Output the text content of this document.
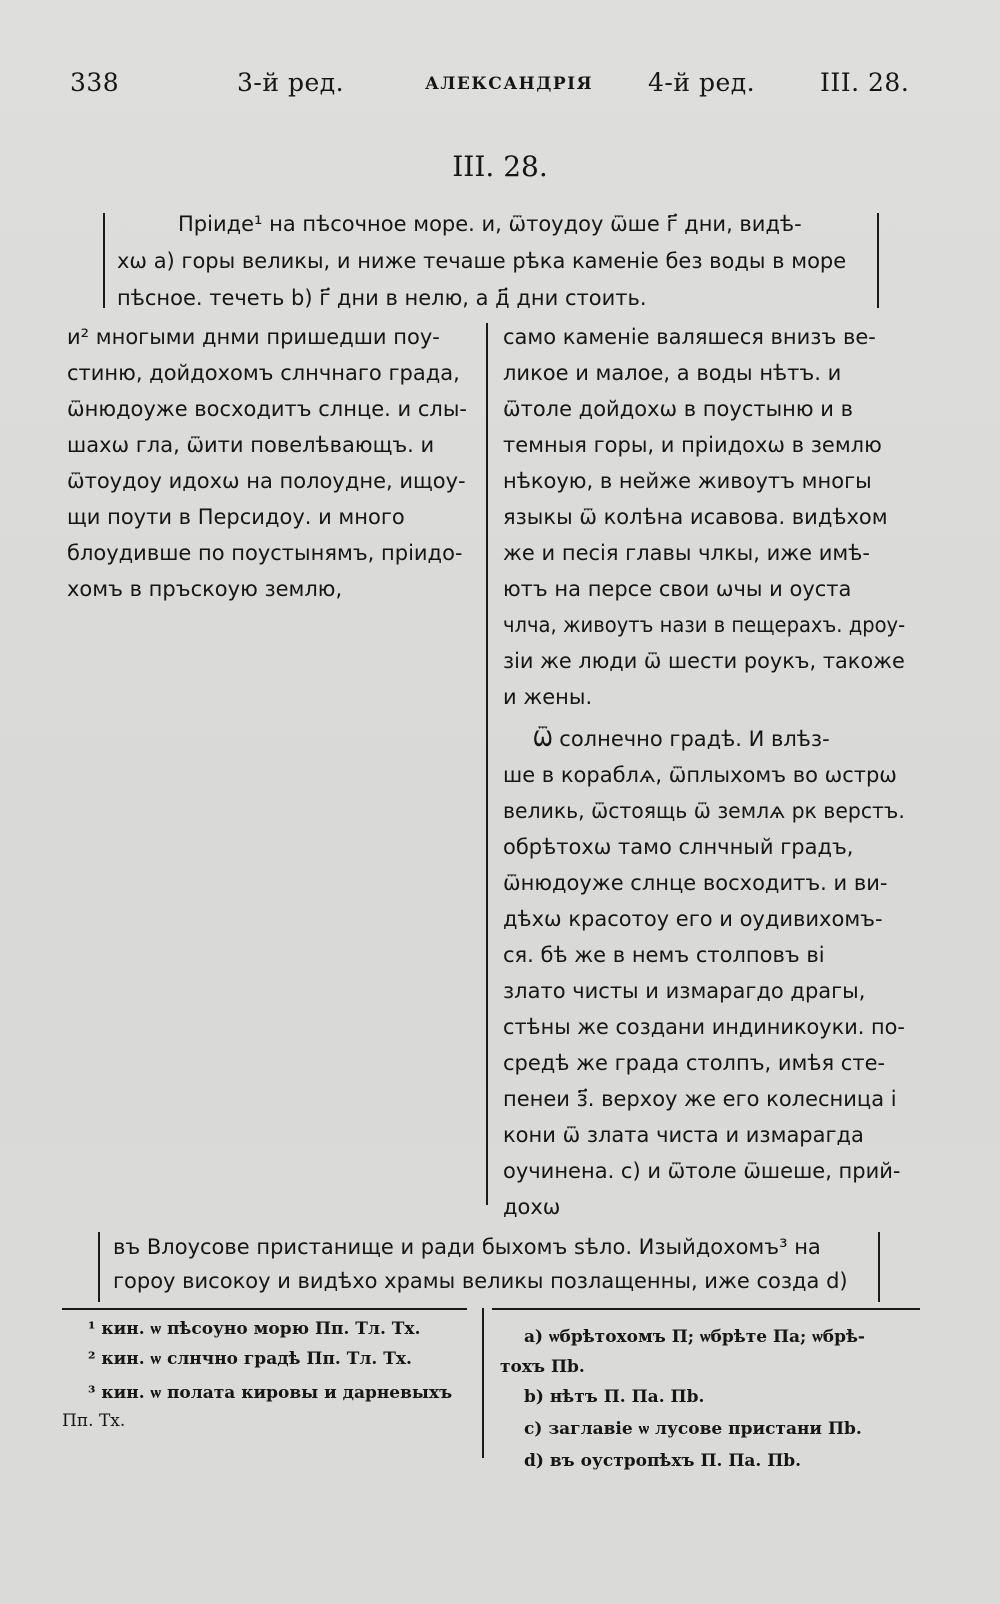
338	3-й ред.	АЛЕКСАНДРІЯ 4-й ред.	III. 28.
III. 28.
Пріиде¹ на пѣсочное море. и, ѿтоудоу ѿше г҃ дни, видѣ-
хѡ a) горы великы, и ниже течаше рѣка каменіе без воды в море
пѣсное. течеть b) г҃ дни в нелю, а д҃ дни стоить.
и² многыми днми пришедши поу-
стиню, дойдохомъ слнчнаго града,
ѿнюдоуже восходитъ слнце. и слы-
шахѡ гла, ѿити повелѣвающъ. и
ѿтоудоу идохѡ на полоудне, ищоу-
щи поути в Персидоу. и много
блоудивше по поустынямъ, пріидо-
хомъ в пръскоую землю,
само каменіе валяшеся внизъ ве-
ликое и малое, а воды нѣтъ. и
ѿтоле дойдохѡ в поустыню и в
темныя горы, и пріидохѡ в землю
нѣкоую, в нейже живоутъ многы
языкы ѿ колѣна исавова. видѣхом
же и песія главы члкы, иже имѣ-
ютъ на персе свои ѡчы и оуста
члча, живоутъ нази в пещерахъ. дроу-
зіи же люди ѿ шести роукъ, такоже
и жены.
Ѿ солнечно градѣ. И влѣз-
ше в кораблѧ, ѿплыхомъ во ѡстрѡ
великь, ѿстоящь ѿ землѧ рк верстъ.
обрѣтохѡ тамо слнчный градъ,
ѿнюдоуже слнце восходитъ. и ви-
дѣхѡ красотоу его и оудивихомъ-
ся. бѣ же в немъ столповъ ві
злато чисты и измарагдо драгы,
стѣны же создани индиникоуки. по-
средѣ же града столпъ, имѣя сте-
пенеи з҃. верхоу же его колесница і
кони ѿ злата чиста и измарагда
оучинена. c) и ѿтоле ѿшеше, прий-
дохѡ
въ Влоусове пристанище и ради быхомъ ѕѣло. Изыйдохомъ³ на
гороу високоу и видѣхо храмы великы позлащенны, иже созда d)
¹ кин. ѡ пѣсоуно морю Пп. Тл. Тх.
² кин. ѡ слнчно градѣ Пп. Тл. Тх.
³ кин. ѡ полата кировы и дарневыхъ
Пп. Тх.
a) ѡбрѣтохомъ П; ѡбрѣте Пa; ѡбрѣ-
тохъ Пb.
b) нѣтъ П. Пa. Пb.
c) заглавіе ѡ лусове пристани Пb.
d) въ оустропѣхъ П. Пa. Пb.
